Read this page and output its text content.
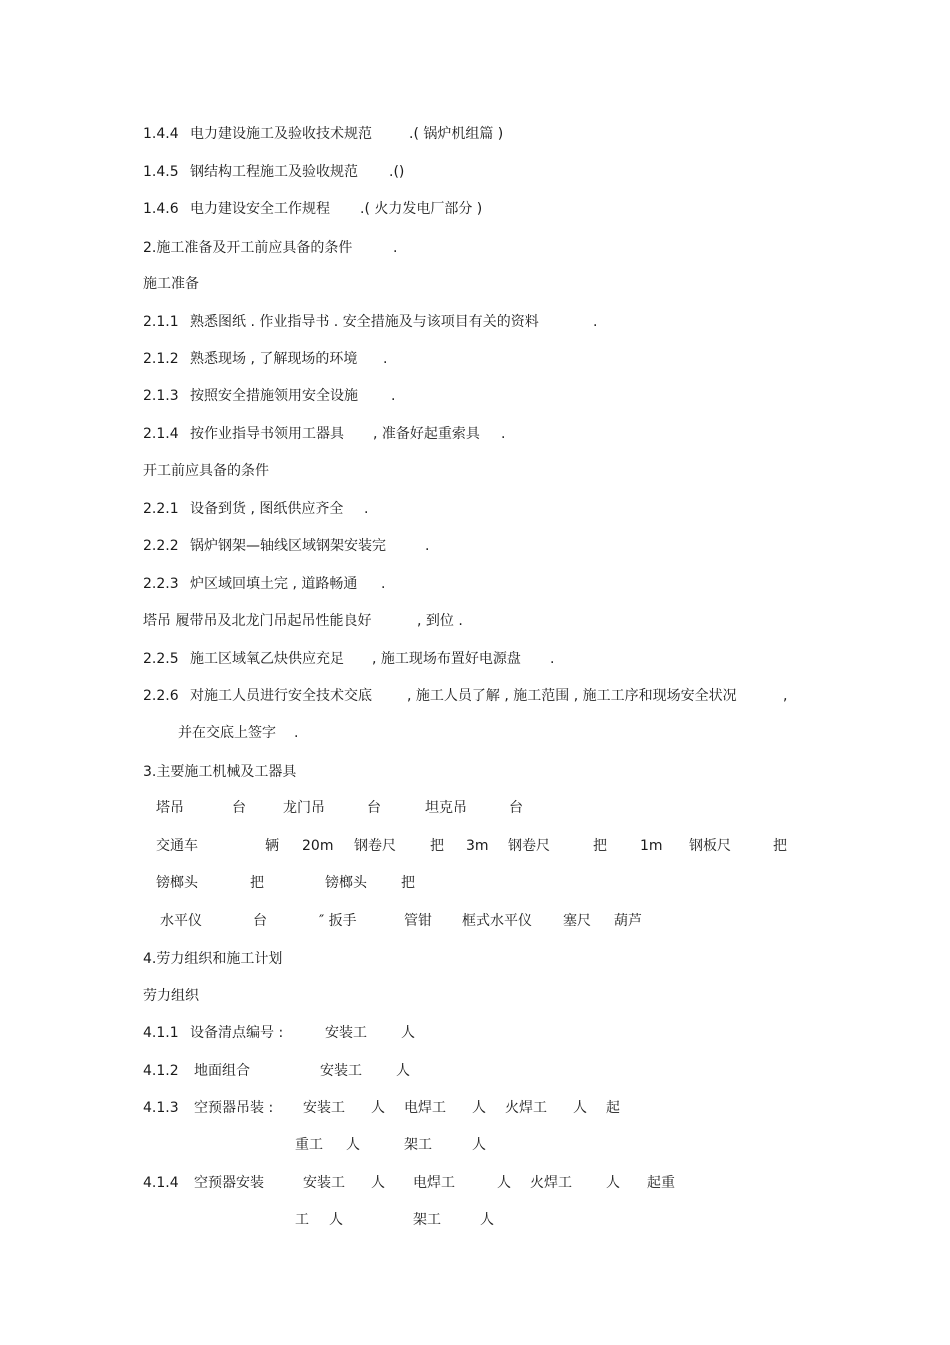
1.4.4 电力建设施工及验收技术规范	.( 锅炉机组篇 )
1.4.5 钢结构工程施工及验收规范 .()
1.4.6 电力建设安全工作规程 .( 火力发电厂部分 )
2.施工准备及开工前应具备的条件	.
施工准备
2.1.1 熟悉图纸 . 作业指导书 . 安全措施及与该项目有关的资料	.
2.1.2 熟悉现场 , 了解现场的环境 .
2.1.3 按照安全措施领用安全设施 .
2.1.4 按作业指导书领用工器具 , 准备好起重索具 .
开工前应具备的条件
2.2.1 设备到货 , 图纸供应齐全 .
2.2.2 锅炉钢架—轴线区域钢架安装完	.
2.2.3 炉区域回填土完 , 道路畅通 .
塔吊 履带吊及北龙门吊起吊性能良好	, 到位 .
2.2.5 施工区域氧乙炔供应充足 , 施工现场布置好电源盘 .
2.2.6 对施工人员进行安全技术交底	, 施工人员了解 , 施工范围 , 施工工序和现场安全状况	,
并在交底上签字 .
3.主要施工机械及工器具
塔吊	台	龙门吊	台	坦克吊	台
交通车	辆 20m 钢卷尺 把 3m 钢卷尺	把 1m 钢板尺	把
镑榔头	把	镑榔头 把
水平仪	台	″ 扳手	管钳 框式水平仪 塞尺 葫芦
4.劳力组织和施工计划
劳力组织
4.1.1 设备清点编号 :	安装工 人
4.1.2 地面组合	安装工 人
4.1.3 空预器吊装 : 安装工 人 电焊工 人 火焊工 人 起
重工 人	架工	人
4.1.4 空预器安装	安装工 人 电焊工	人 火焊工 人 起重
工 人	架工	人
